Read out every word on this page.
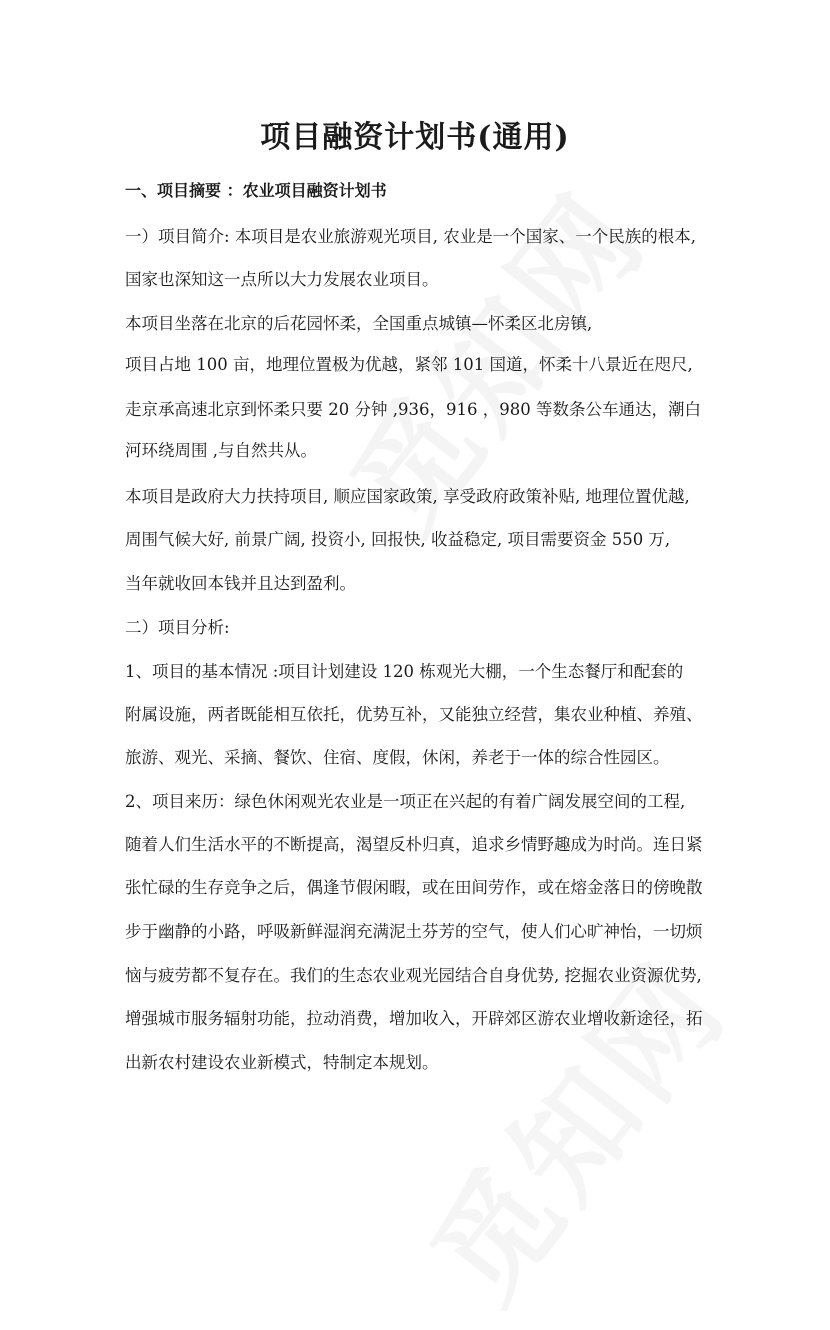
项目融资计划书(通用)

一、项目摘要 ：农业项目融资计划书

一）项目简介: 本项目是农业旅游观光项目, 农业是一个国家、一个民族的根本,

国家也深知这一点所以大力发展农业项目。

本项目坐落在北京的后花园怀柔，全国重点城镇—怀柔区北房镇,

项目占地 100 亩，地理位置极为优越，紧邻 101 国道，怀柔十八景近在咫尺,

走京承高速北京到怀柔只要 20 分钟 ,936，916 ，980 等数条公车通达，潮白

河环绕周围 ,与自然共从。

本项目是政府大力扶持项目, 顺应国家政策, 享受政府政策补贴, 地理位置优越,

周围气候大好, 前景广阔, 投资小, 回报快, 收益稳定, 项目需要资金 550 万,

当年就收回本钱并且达到盈利。

二）项目分析:

1、项目的基本情况 :项目计划建设 120 栋观光大棚，一个生态餐厅和配套的

附属设施，两者既能相互依托，优势互补，又能独立经营，集农业种植、养殖、

旅游、观光、采摘、餐饮、住宿、度假，休闲，养老于一体的综合性园区。

2、项目来历：绿色休闲观光农业是一项正在兴起的有着广阔发展空间的工程,

随着人们生活水平的不断提高，渴望反朴归真，追求乡情野趣成为时尚。连日紧

张忙碌的生存竞争之后，偶逢节假闲暇，或在田间劳作，或在熔金落日的傍晚散

步于幽静的小路，呼吸新鲜湿润充满泥土芬芳的空气，使人们心旷神怡，一切烦

恼与疲劳都不复存在。我们的生态农业观光园结合自身优势, 挖掘农业资源优势,

增强城市服务辐射功能，拉动消费，增加收入，开辟郊区游农业增收新途径，拓

出新农村建设农业新模式，特制定本规划。
